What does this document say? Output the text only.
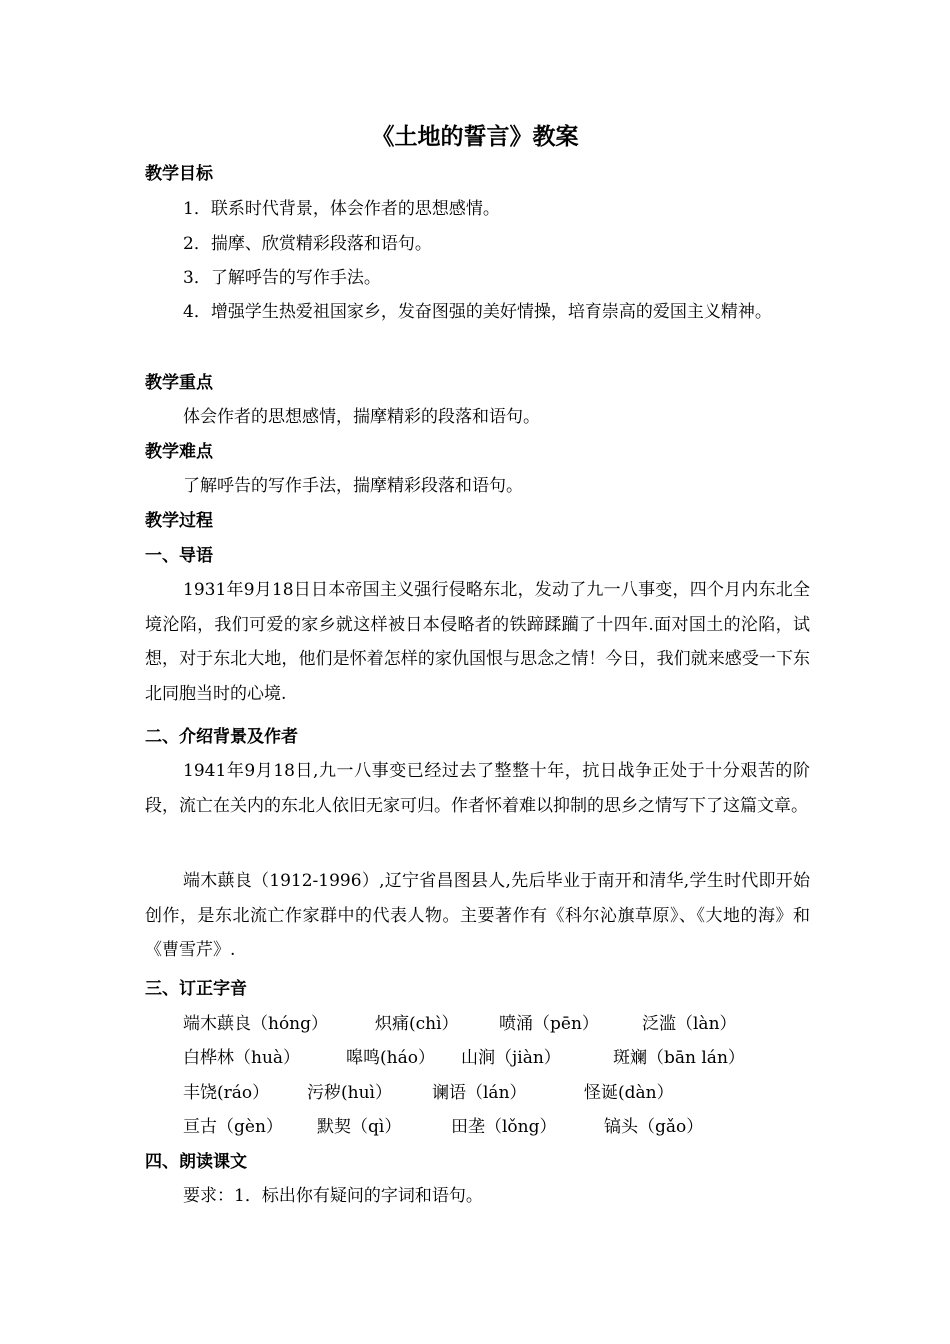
《土地的誓言》教案
教学目标
1．联系时代背景，体会作者的思想感情。
2．揣摩、欣赏精彩段落和语句。
3．了解呼告的写作手法。
4．增强学生热爱祖国家乡，发奋图强的美好情操，培育崇高的爱国主义精神。
教学重点
体会作者的思想感情，揣摩精彩的段落和语句。
教学难点
了解呼告的写作手法，揣摩精彩段落和语句。
教学过程
一、导语
1931年9月18日日本帝国主义强行侵略东北，发动了九一八事变，四个月内东北全境沦陷，我们可爱的家乡就这样被日本侵略者的铁蹄蹂躏了十四年.面对国土的沦陷，试想，对于东北大地，他们是怀着怎样的家仇国恨与思念之情！今日，我们就来感受一下东北同胞当时的心境.
二、介绍背景及作者
1941年9月18日,九一八事变已经过去了整整十年，抗日战争正处于十分艰苦的阶段，流亡在关内的东北人依旧无家可归。作者怀着难以抑制的思乡之情写下了这篇文章。
端木蕻良（1912-1996）,辽宁省昌图县人,先后毕业于南开和清华,学生时代即开始创作，是东北流亡作家群中的代表人物。主要著作有《科尔沁旗草原》、《大地的海》和《曹雪芹》.
三、订正字音
端木蕻良（hóng）	炽痛(chì） 喷涌（pēn）	泛滥（làn）
白桦林（huà）	嗥鸣(háo） 山涧（jiàn）	斑斓（bān lán）
丰饶(ráo） 污秽(huì） 谰语（lán）	怪诞(dàn）
亘古（gèn） 默契（qì）	田垄（lǒng）	镐头（gǎo）
四、朗读课文
要求：1．标出你有疑问的字词和语句。
